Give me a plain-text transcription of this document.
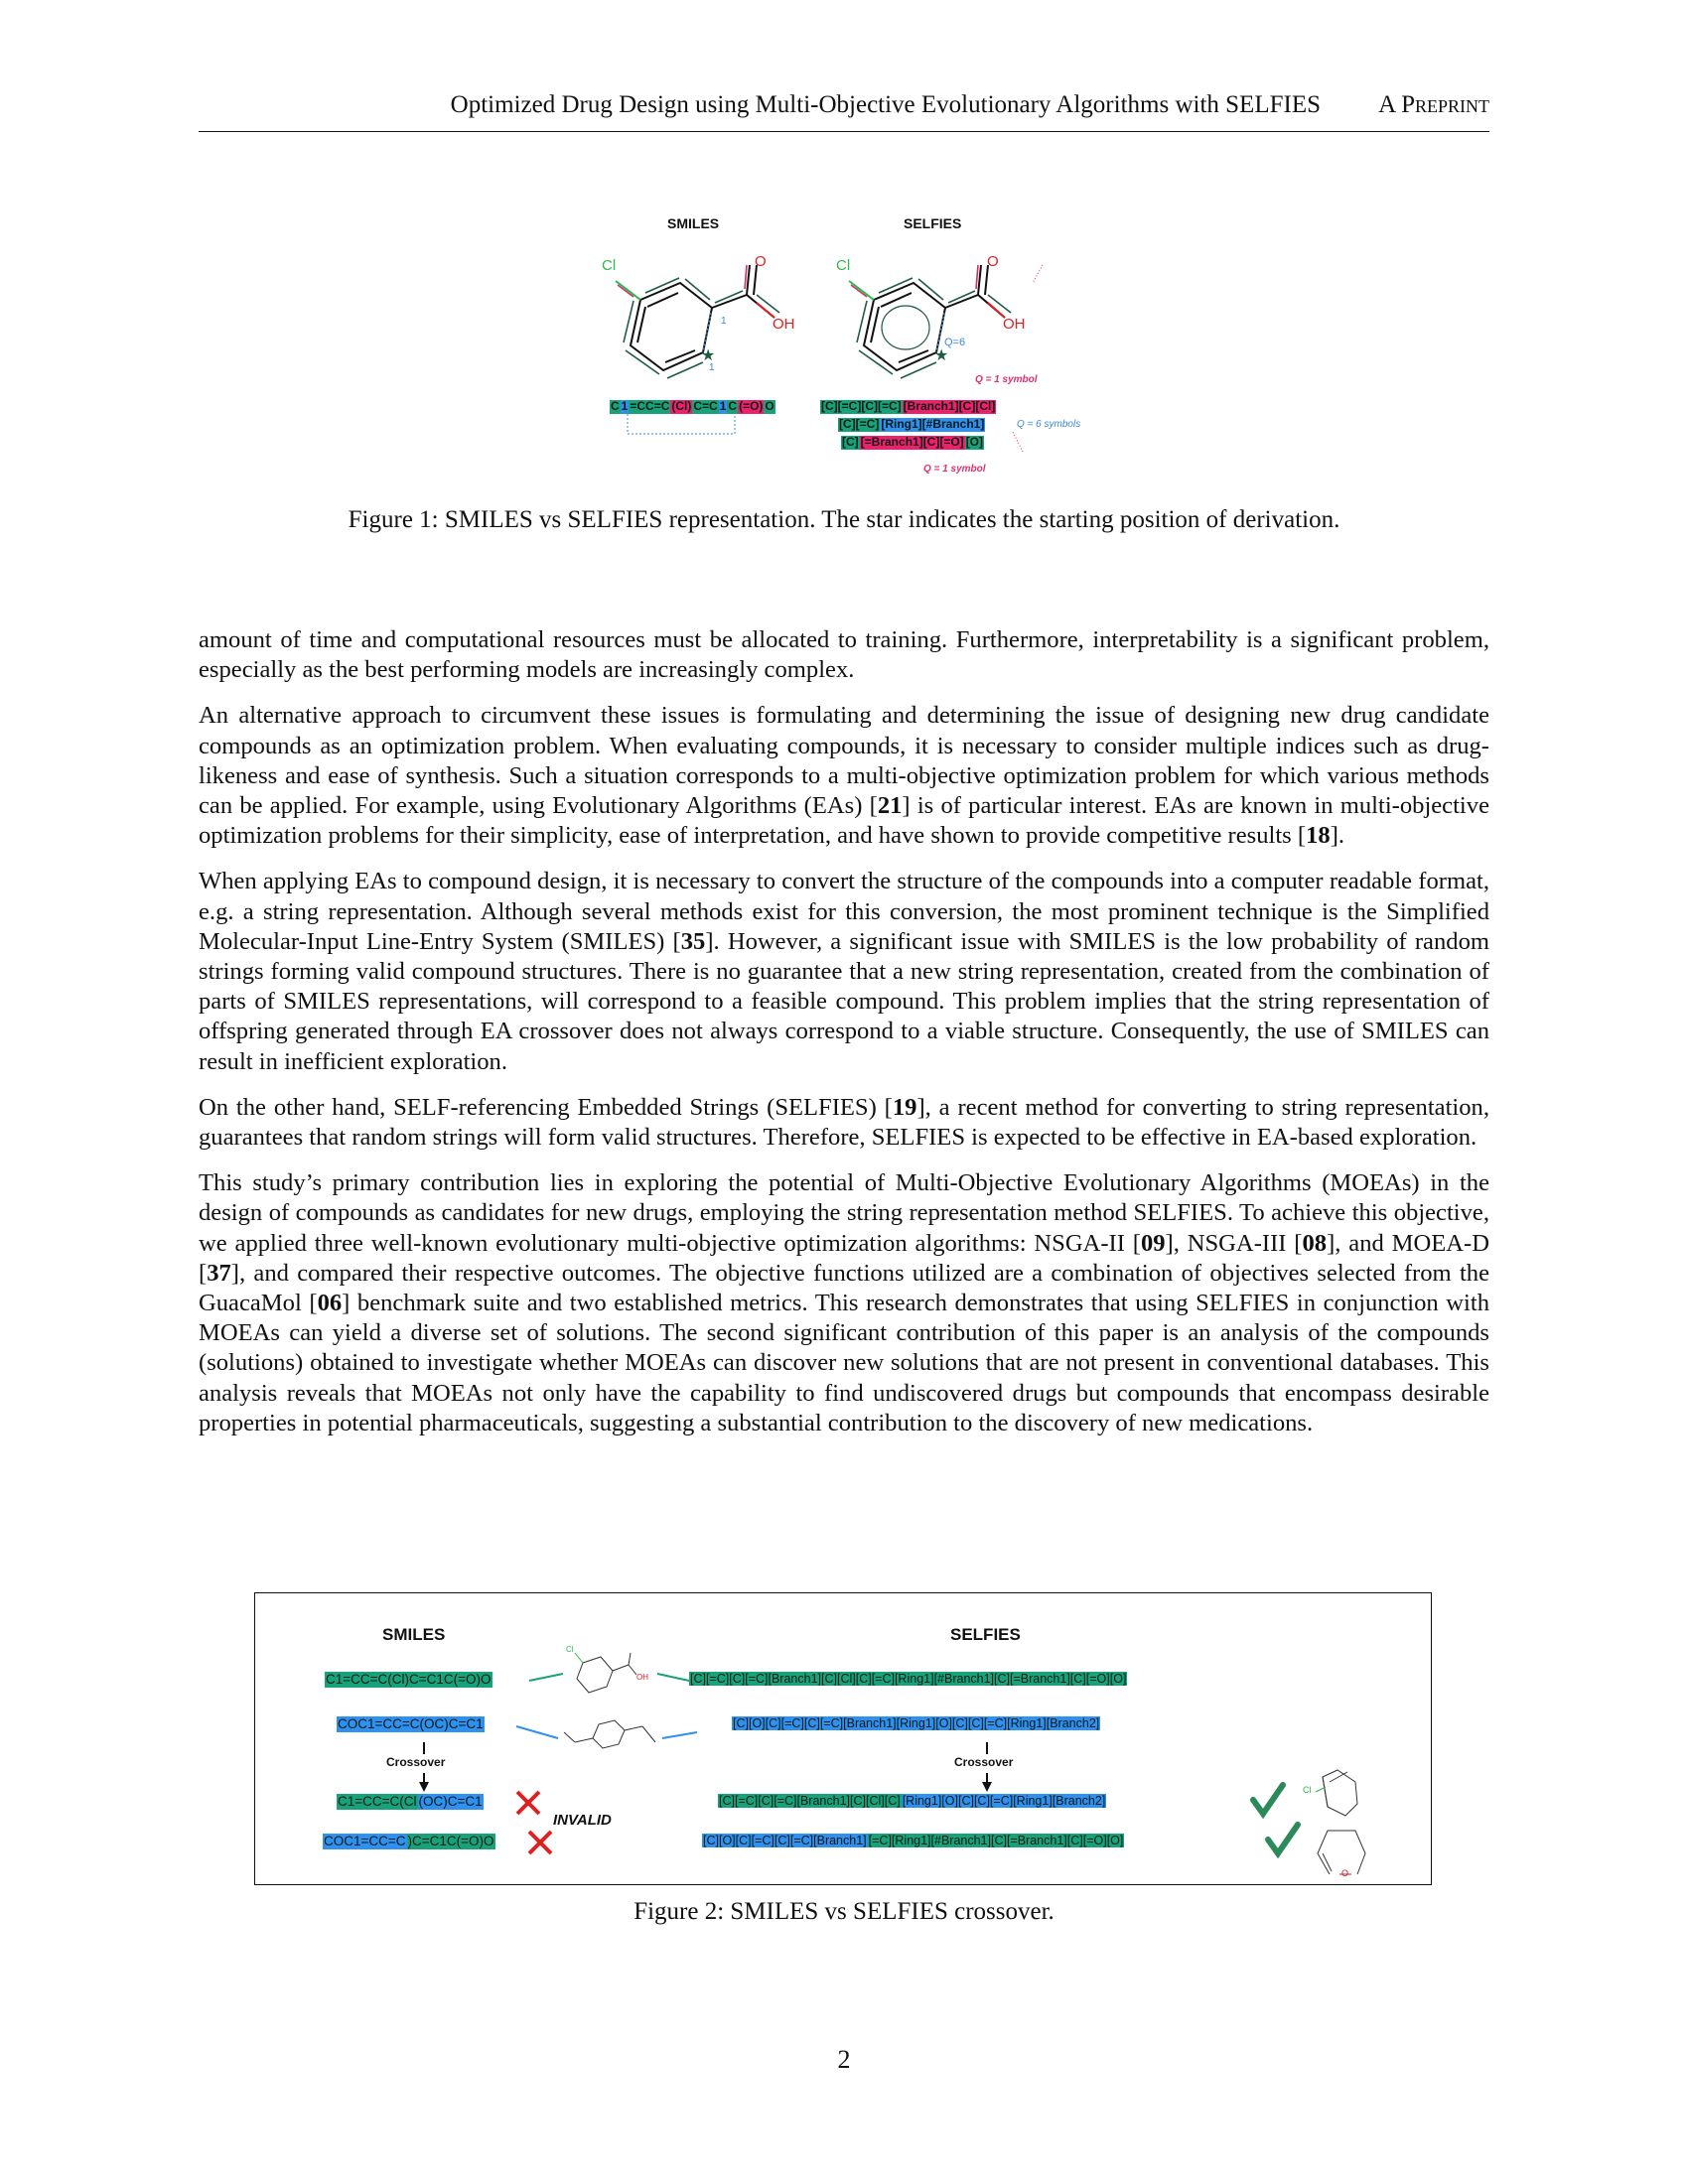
Optimized Drug Design using Multi-Objective Evolutionary Algorithms with SELFIES A Preprint
SMILES	SELFIES
★	★
Cl	O
OH
1
1
Cl	O
OH
Q=6
C 1 =CC=C (Cl) C=C 1 C (=O) O	[C][=C][C][=C] [Branch1][C][Cl]
[C][=C] [Ring1][#Branch1]
[C] [=Branch1][C][=O] [O]
Q = 1 symbol
Q = 6 symbols
Q = 1 symbol
Figure 1: SMILES vs SELFIES representation. The star indicates the starting position of derivation.

amount of time and computational resources must be allocated to training. Furthermore, interpretability is a significant problem, especially as the best performing models are increasingly complex.

An alternative approach to circumvent these issues is formulating and determining the issue of designing new drug candidate compounds as an optimization problem. When evaluating compounds, it is necessary to consider multiple indices such as drug-likeness and ease of synthesis. Such a situation corresponds to a multi-objective optimization problem for which various methods can be applied. For example, using Evolutionary Algorithms (EAs) [21] is of particular interest. EAs are known in multi-objective optimization problems for their simplicity, ease of interpretation, and have shown to provide competitive results [18].

When applying EAs to compound design, it is necessary to convert the structure of the compounds into a computer readable format, e.g. a string representation. Although several methods exist for this conversion, the most prominent technique is the Simplified Molecular-Input Line-Entry System (SMILES) [35]. However, a significant issue with SMILES is the low probability of random strings forming valid compound structures. There is no guarantee that a new string representation, created from the combination of parts of SMILES representations, will correspond to a feasible compound. This problem implies that the string representation of offspring generated through EA crossover does not always correspond to a viable structure. Consequently, the use of SMILES can result in inefficient exploration.

On the other hand, SELF-referencing Embedded Strings (SELFIES) [19], a recent method for converting to string representation, guarantees that random strings will form valid structures. Therefore, SELFIES is expected to be effective in EA-based exploration.

This study’s primary contribution lies in exploring the potential of Multi-Objective Evolutionary Algorithms (MOEAs) in the design of compounds as candidates for new drugs, employing the string representation method SELFIES. To achieve this objective, we applied three well-known evolutionary multi-objective optimization algorithms: NSGA-II [09], NSGA-III [08], and MOEA-D [37], and compared their respective outcomes. The objective functions utilized are a combination of objectives selected from the GuacaMol [06] benchmark suite and two established metrics. This research demonstrates that using SELFIES in conjunction with MOEAs can yield a diverse set of solutions. The second significant contribution of this paper is an analysis of the compounds (solutions) obtained to investigate whether MOEAs can discover new solutions that are not present in conventional databases. This analysis reveals that MOEAs not only have the capability to find undiscovered drugs but compounds that encompass desirable properties in potential pharmaceuticals, suggesting a substantial contribution to the discovery of new medications.

SMILES	SELFIES
Cl
OH
Cl
O
C1=CC=C(Cl)C=C1C(=O)O
COC1=CC=C(OC)C=C1
Crossover
C1=CC=C(Cl (OC)C=C1
COC1=CC=C )C=C1C(=O)O
INVALID
[C][=C][C][=C][Branch1][C][Cl][C][=C][Ring1][#Branch1][C][=Branch1][C][=O][O]
[C][O][C][=C][C][=C][Branch1][Ring1][O][C][C][=C][Ring1][Branch2]
Crossover
[C][=C][C][=C][Branch1][C][Cl][C] [Ring1][O][C][C][=C][Ring1][Branch2]
[C][O][C][=C][C][=C][Branch1] [=C][Ring1][#Branch1][C][=Branch1][C][=O][O]
Figure 2: SMILES vs SELFIES crossover.
2
